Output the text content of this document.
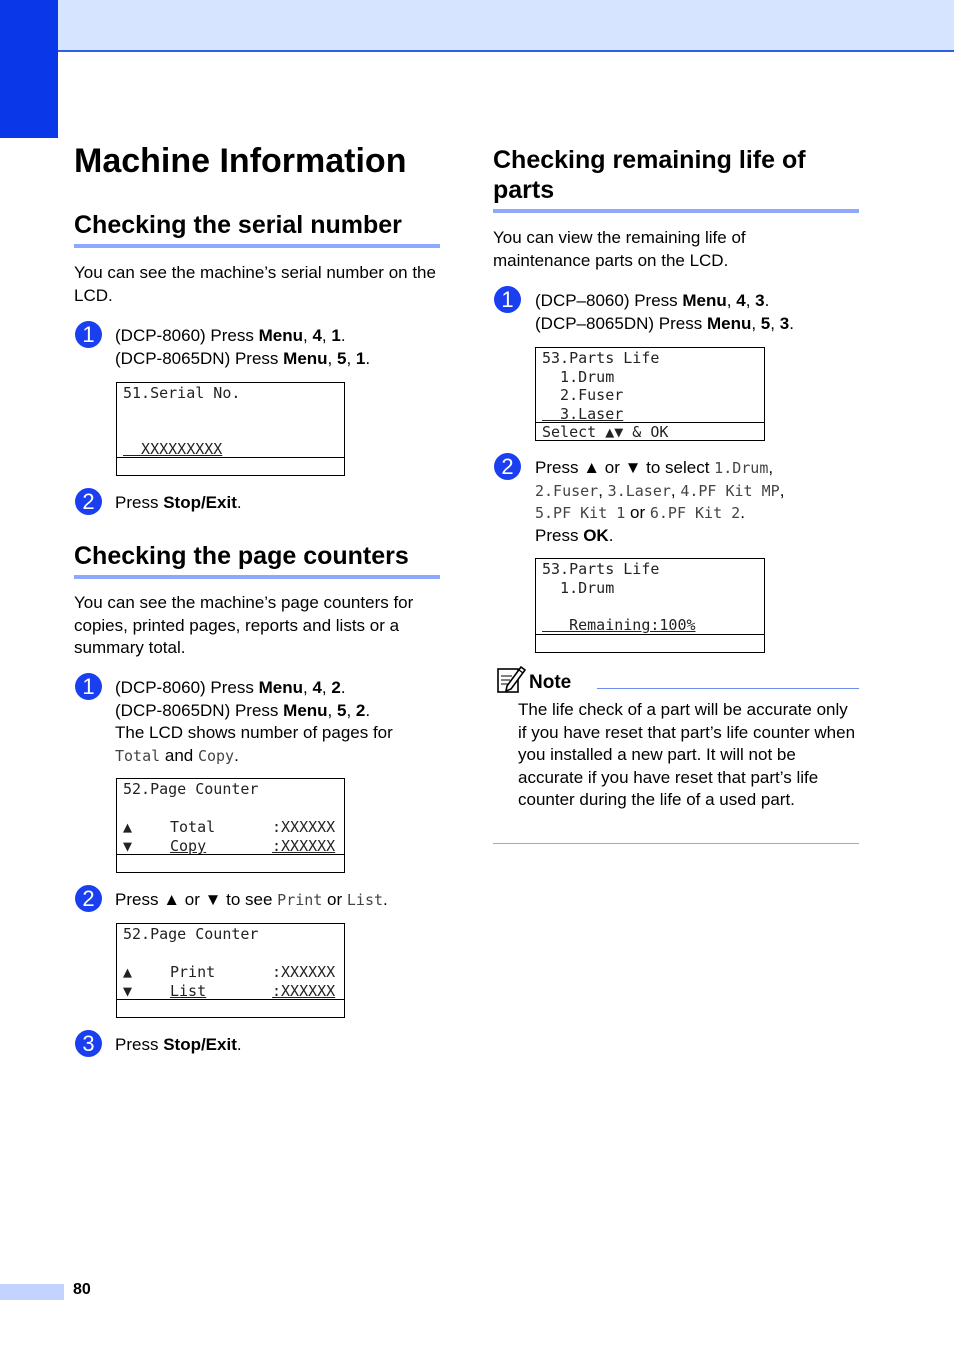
Machine Information
Checking the serial number

You can see the machine’s serial number on the LCD.

1	(DCP-8060) Press Menu, 4, 1.
(DCP-8065DN) Press Menu, 5, 1.
51.Serial No.
XXXXXXXXX
2	Press Stop/Exit.
Checking the page counters

You can see the machine’s page counters for copies, printed pages, reports and lists or a summary total.

1	(DCP-8060) Press Menu, 4, 2.
(DCP-8065DN) Press Menu, 5, 2.
The LCD shows number of pages for
Total and Copy.
52.Page Counter
▲	Total	:XXXXXX
▼	Copy	:XXXXXX
2	Press ▲ or ▼ to see Print or List.
52.Page Counter
▲	Print	:XXXXXX
▼	List	:XXXXXX
3	Press Stop/Exit.
Checking remaining life of
parts

You can view the remaining life of maintenance parts on the LCD.

1	(DCP–8060) Press Menu, 4, 3.
(DCP–8065DN) Press Menu, 5, 3.
53.Parts Life
1.Drum
2.Fuser
3.Laser
Select ▲▼ & OK
2	Press ▲ or ▼ to select 1.Drum,
2.Fuser, 3.Laser, 4.PF Kit MP,
5.PF Kit 1 or 6.PF Kit 2.
Press OK.
53.Parts Life
1.Drum
Remaining:100%
Note

The life check of a part will be accurate only if you have reset that part’s life counter when you installed a new part. It will not be accurate if you have reset that part’s life counter during the life of a used part.

80
